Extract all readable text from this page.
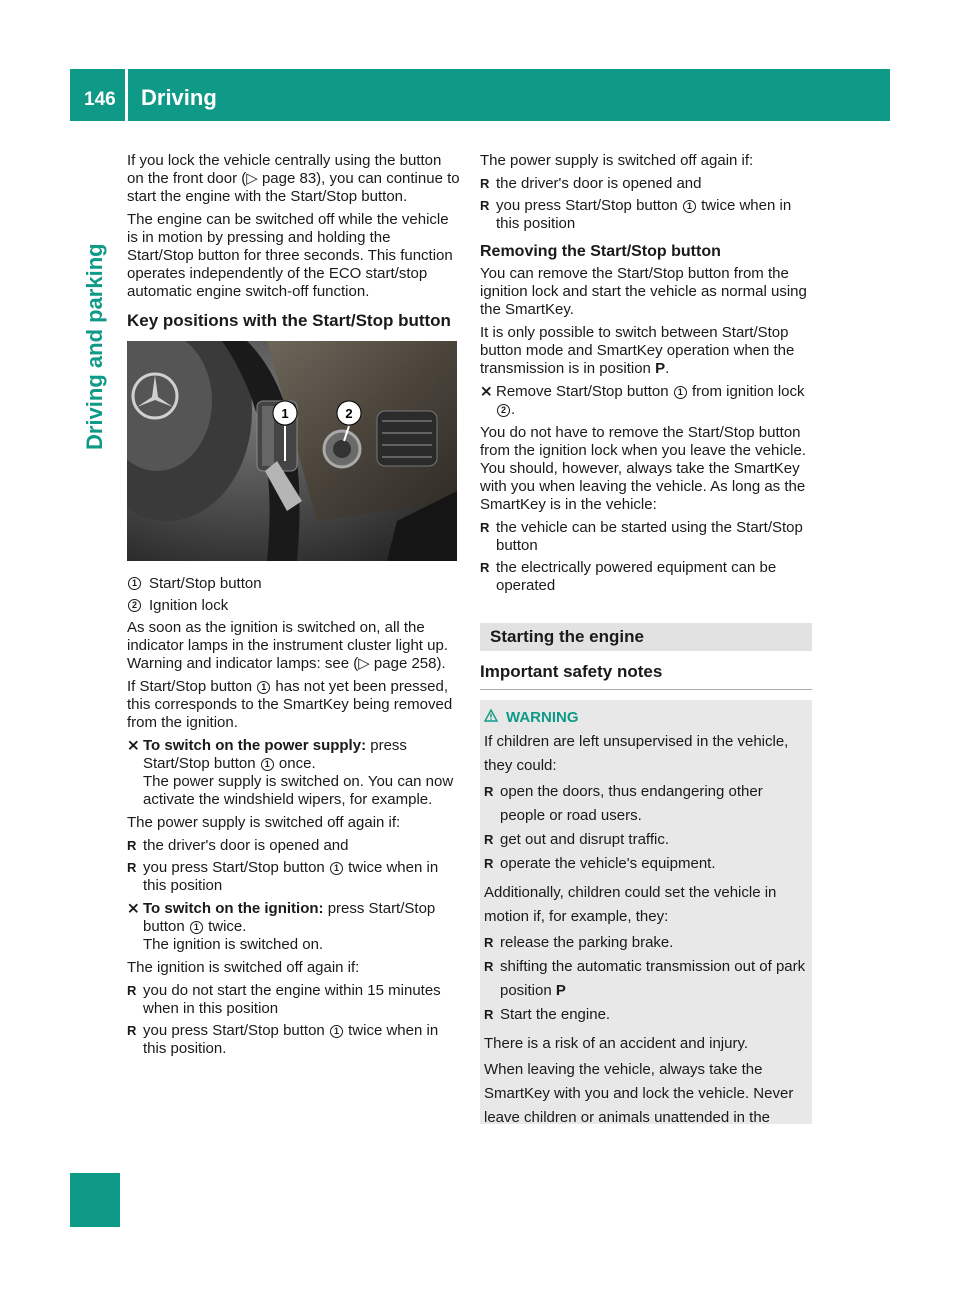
146 Driving
Driving and parking

If you lock the vehicle centrally using the button on the front door (▷ page 83), you can continue to start the engine with the Start/Stop button.

The engine can be switched off while the vehicle is in motion by pressing and holding the Start/Stop button for three seconds. This function operates independently of the ECO start/stop automatic engine switch-off function.

Key positions with the Start/Stop button
1	2
1 Start/Stop button
2 Ignition lock

As soon as the ignition is switched on, all the indicator lamps in the instrument cluster light up. Warning and indicator lamps: see (▷ page 258).

If Start/Stop button 1 has not yet been pressed, this corresponds to the SmartKey being removed from the ignition.

⨯ To switch on the power supply: press Start/Stop button 1 once.
The power supply is switched on. You can now activate the windshield wipers, for example.

The power supply is switched off again if:

R the driver's door is opened and
R you press Start/Stop button 1 twice when in this position
⨯ To switch on the ignition: press Start/Stop button 1 twice.
The ignition is switched on.

The ignition is switched off again if:

R you do not start the engine within 15 minutes when in this position
R you press Start/Stop button 1 twice when in this position.

The power supply is switched off again if:

R the driver's door is opened and
R you press Start/Stop button 1 twice when in this position
Removing the Start/Stop button

You can remove the Start/Stop button from the ignition lock and start the vehicle as normal using the SmartKey.

It is only possible to switch between Start/Stop button mode and SmartKey operation when the transmission is in position P.

⨯ Remove Start/Stop button 1 from ignition lock 2 .

You do not have to remove the Start/Stop button from the ignition lock when you leave the vehicle. You should, however, always take the SmartKey with you when leaving the vehicle. As long as the SmartKey is in the vehicle:

R the vehicle can be started using the Start/Stop button
R the electrically powered equipment can be operated
Starting the engine
Important safety notes
WARNING

If children are left unsupervised in the vehicle, they could:

R open the doors, thus endangering other people or road users.
R get out and disrupt traffic.
R operate the vehicle's equipment.

Additionally, children could set the vehicle in motion if, for example, they:

R release the parking brake.
R shifting the automatic transmission out of park position P
R Start the engine.

There is a risk of an accident and injury.

When leaving the vehicle, always take the SmartKey with you and lock the vehicle. Never leave children or animals unattended in the
